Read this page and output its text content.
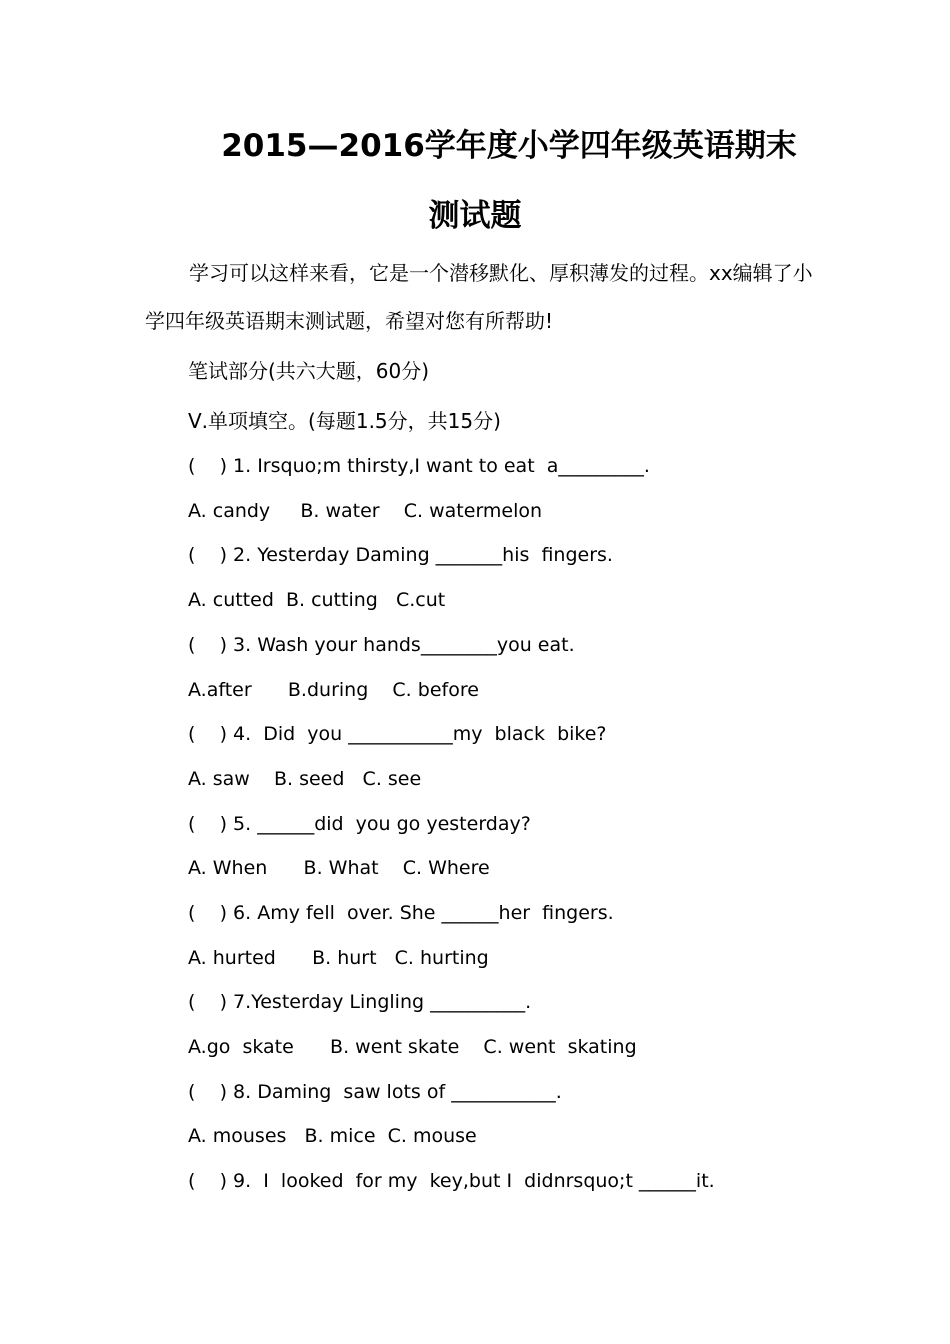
2015—2016学年度小学四年级英语期末
测试题
学习可以这样来看，它是一个潜移默化、厚积薄发的过程。xx编辑了小学四年级英语期末测试题，希望对您有所帮助!
笔试部分(共六大题，60分)
Ⅴ.单项填空。(每题1.5分，共15分)
(    ) 1. Irsquo;m thirsty,I want to eat  a_________.
A. candy     B. water    C. watermelon
(    ) 2. Yesterday Daming _______his  fingers.
A. cutted  B. cutting   C.cut
(    ) 3. Wash your hands________you eat.
A.after      B.during    C. before
(    ) 4.  Did  you ___________my  black  bike?
A. saw    B. seed   C. see
(    ) 5. ______did  you go yesterday?
A. When      B. What    C. Where
(    ) 6. Amy fell  over. She ______her  fingers.
A. hurted      B. hurt   C. hurting
(    ) 7.Yesterday Lingling __________.
A.go  skate      B. went skate    C. went  skating
(    ) 8. Daming  saw lots of ___________.
A. mouses   B. mice  C. mouse
(    ) 9.  I  looked  for my  key,but I  didnrsquo;t ______it.
